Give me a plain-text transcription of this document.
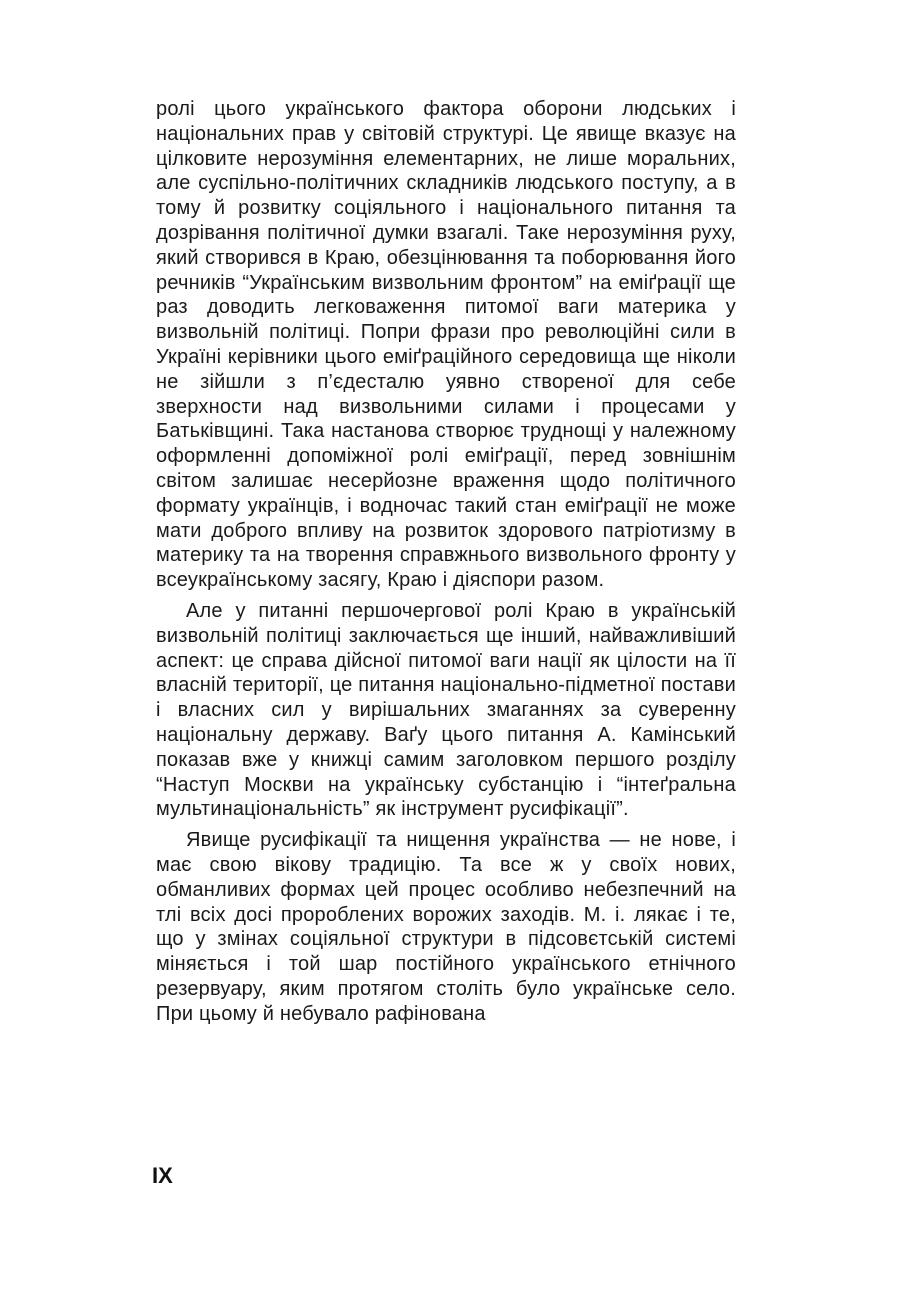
ролі цього українського фактора оборони людських і національних прав у світовій структурі. Це явище вказує на цілковите нерозуміння елементарних, не лише моральних, але суспільно-політичних складників людського поступу, а в тому й розвитку соціяльного і національного питання та дозрівання політичної думки взагалі. Таке нерозуміння руху, який створився в Краю, обезцінювання та поборювання його речників “Українським визвольним фронтом” на еміґрації ще раз доводить легковаження питомої ваги материка у визвольній політиці. Попри фрази про революційні сили в Україні керівники цього еміґраційного середовища ще ніколи не зійшли з п’єдесталю уявно створеної для себе зверхности над визвольними силами і процесами у Батьківщині. Така настанова створює труднощі у належному оформленні допоміжної ролі еміґрації, перед зовнішнім світом залишає несерйозне враження щодо політичного формату українців, і водночас такий стан еміґрації не може мати доброго впливу на розвиток здорового патріотизму в материку та на творення справжнього визвольного фронту у всеукраїнському засягу, Краю і діяспори разом.

Але у питанні першочергової ролі Краю в українській визвольній політиці заключається ще інший, найважливіший аспект: це справа дійсної питомої ваги нації як цілости на її власній території, це питання національно-підметної постави і власних сил у вирішальних змаганнях за суверенну національну державу. Ваґу цього питання А. Камінський показав вже у книжці самим заголовком першого розділу “Наступ Москви на українську субстанцію і “інтеґральна мультинаціональність” як інструмент русифікації”.

Явище русифікації та нищення українства — не нове, і має свою вікову традицію. Та все ж у своїх нових, обманливих формах цей процес особливо небезпечний на тлі всіх досі пророблених ворожих заходів. М. і. лякає і те, що у змінах соціяльної структури в підсовєтській системі міняється і той шар постійного українського етнічного резервуару, яким протягом століть було українське село. При цьому й небувало рафінована

IX
